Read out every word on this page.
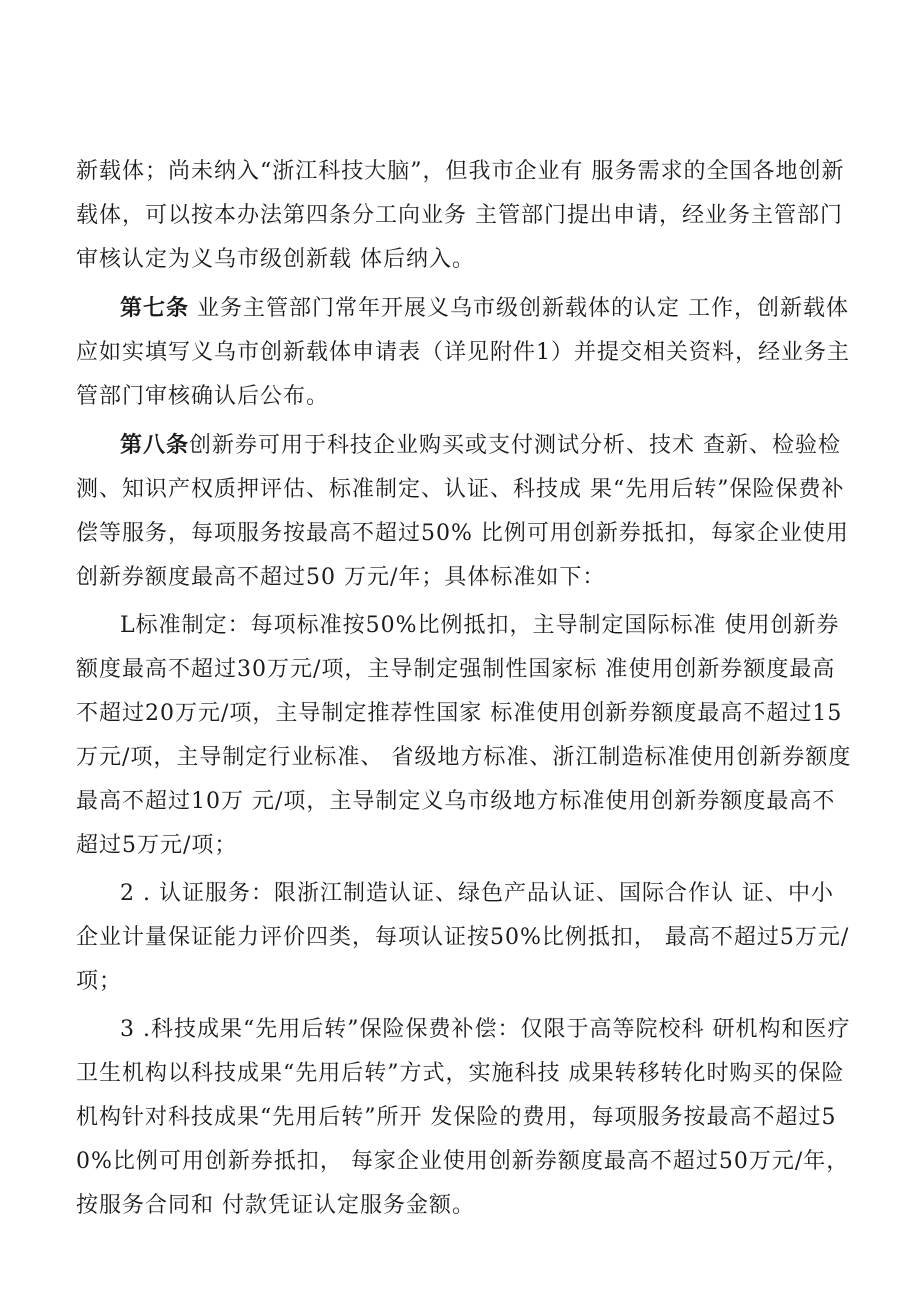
新载体；尚未纳入“浙江科技大脑”，但我市企业有 服务需求的全国各地创新载体，可以按本办法第四条分工向业务 主管部门提出申请，经业务主管部门审核认定为义乌市级创新载 体后纳入。

第七条 业务主管部门常年开展义乌市级创新载体的认定 工作，创新载体应如实填写义乌市创新载体申请表（详见附件1）并提交相关资料，经业务主管部门审核确认后公布。

第八条创新券可用于科技企业购买或支付测试分析、技术 查新、检验检测、知识产权质押评估、标准制定、认证、科技成 果“先用后转”保险保费补偿等服务，每项服务按最高不超过50% 比例可用创新券抵扣，每家企业使用创新券额度最高不超过50 万元/年；具体标准如下：

L标准制定：每项标准按50%比例抵扣，主导制定国际标准 使用创新券额度最高不超过30万元/项，主导制定强制性国家标 准使用创新券额度最高不超过20万元/项，主导制定推荐性国家 标准使用创新券额度最高不超过15万元/项，主导制定行业标准、 省级地方标准、浙江制造标准使用创新券额度最高不超过10万 元/项，主导制定义乌市级地方标准使用创新券额度最高不超过5万元/项；

2 . 认证服务：限浙江制造认证、绿色产品认证、国际合作认 证、中小企业计量保证能力评价四类，每项认证按50%比例抵扣， 最高不超过5万元/项；

3 .科技成果“先用后转”保险保费补偿：仅限于高等院校科 研机构和医疗卫生机构以科技成果“先用后转”方式，实施科技 成果转移转化时购买的保险机构针对科技成果“先用后转”所开 发保险的费用，每项服务按最高不超过50%比例可用创新券抵扣， 每家企业使用创新券额度最高不超过50万元/年，按服务合同和 付款凭证认定服务金额。
